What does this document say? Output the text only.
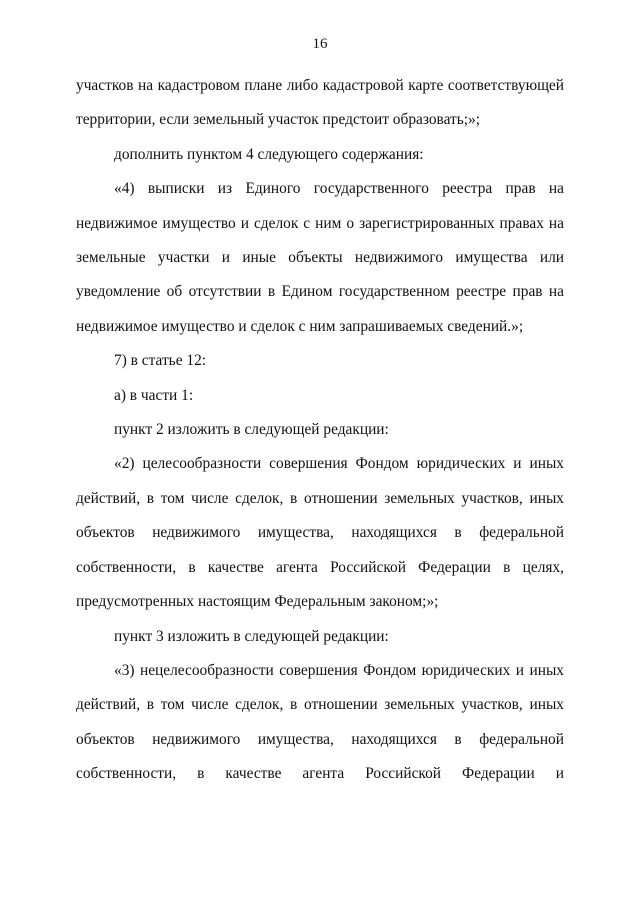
16

участков на кадастровом плане либо кадастровой карте соответствующей территории, если земельный участок предстоит образовать;»;

дополнить пунктом 4 следующего содержания:

«4) выписки из Единого государственного реестра прав на недвижимое имущество и сделок с ним о зарегистрированных правах на земельные участки и иные объекты недвижимого имущества или уведомление об отсутствии в Едином государственном реестре прав на недвижимое имущество и сделок с ним запрашиваемых сведений.»;

7) в статье 12:

а) в части 1:

пункт 2 изложить в следующей редакции:

«2) целесообразности совершения Фондом юридических и иных действий, в том числе сделок, в отношении земельных участков, иных объектов недвижимого имущества, находящихся в федеральной собственности, в качестве агента Российской Федерации в целях, предусмотренных настоящим Федеральным законом;»;

пункт 3 изложить в следующей редакции:

«3) нецелесообразности совершения Фондом юридических и иных действий, в том числе сделок, в отношении земельных участков, иных объектов недвижимого имущества, находящихся в федеральной собственности, в качестве агента Российской Федерации и
